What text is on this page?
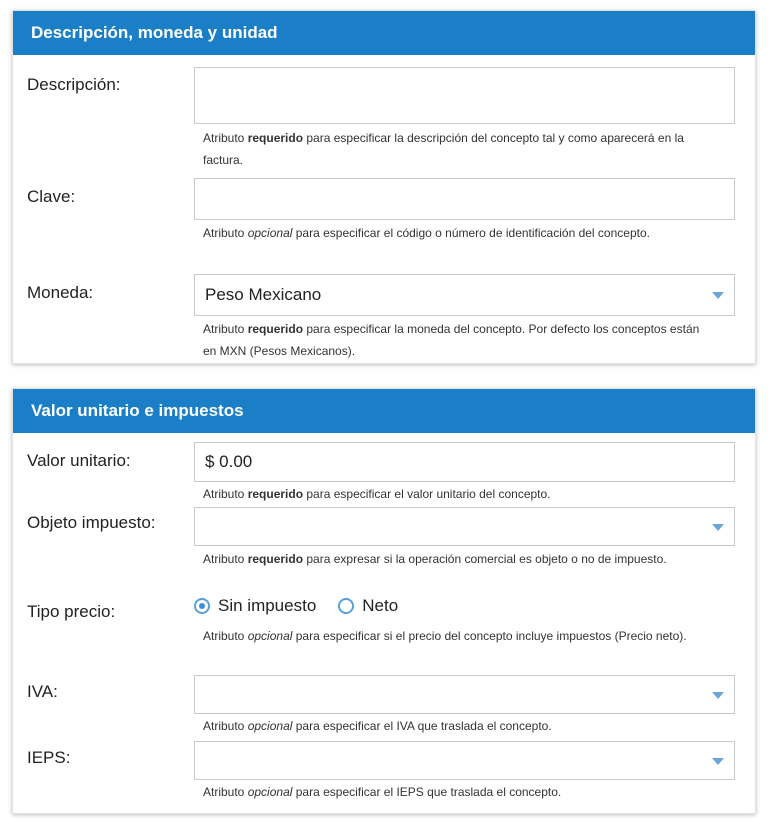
Descripción, moneda y unidad
Descripción:
Atributo requerido para especificar la descripción del concepto tal y como aparecerá en la factura.
Clave:
Atributo opcional para especificar el código o número de identificación del concepto.
Moneda:	Peso Mexicano
Atributo requerido para especificar la moneda del concepto. Por defecto los conceptos están en MXN (Pesos Mexicanos).
Valor unitario e impuestos
Valor unitario:	$ 0.00
Atributo requerido para especificar el valor unitario del concepto.
Objeto impuesto:
Atributo requerido para expresar si la operación comercial es objeto o no de impuesto.
Tipo precio:	Sin impuesto	Neto
Atributo opcional para especificar si el precio del concepto incluye impuestos (Precio neto).
IVA:
Atributo opcional para especificar el IVA que traslada el concepto.
IEPS:
Atributo opcional para especificar el IEPS que traslada el concepto.
